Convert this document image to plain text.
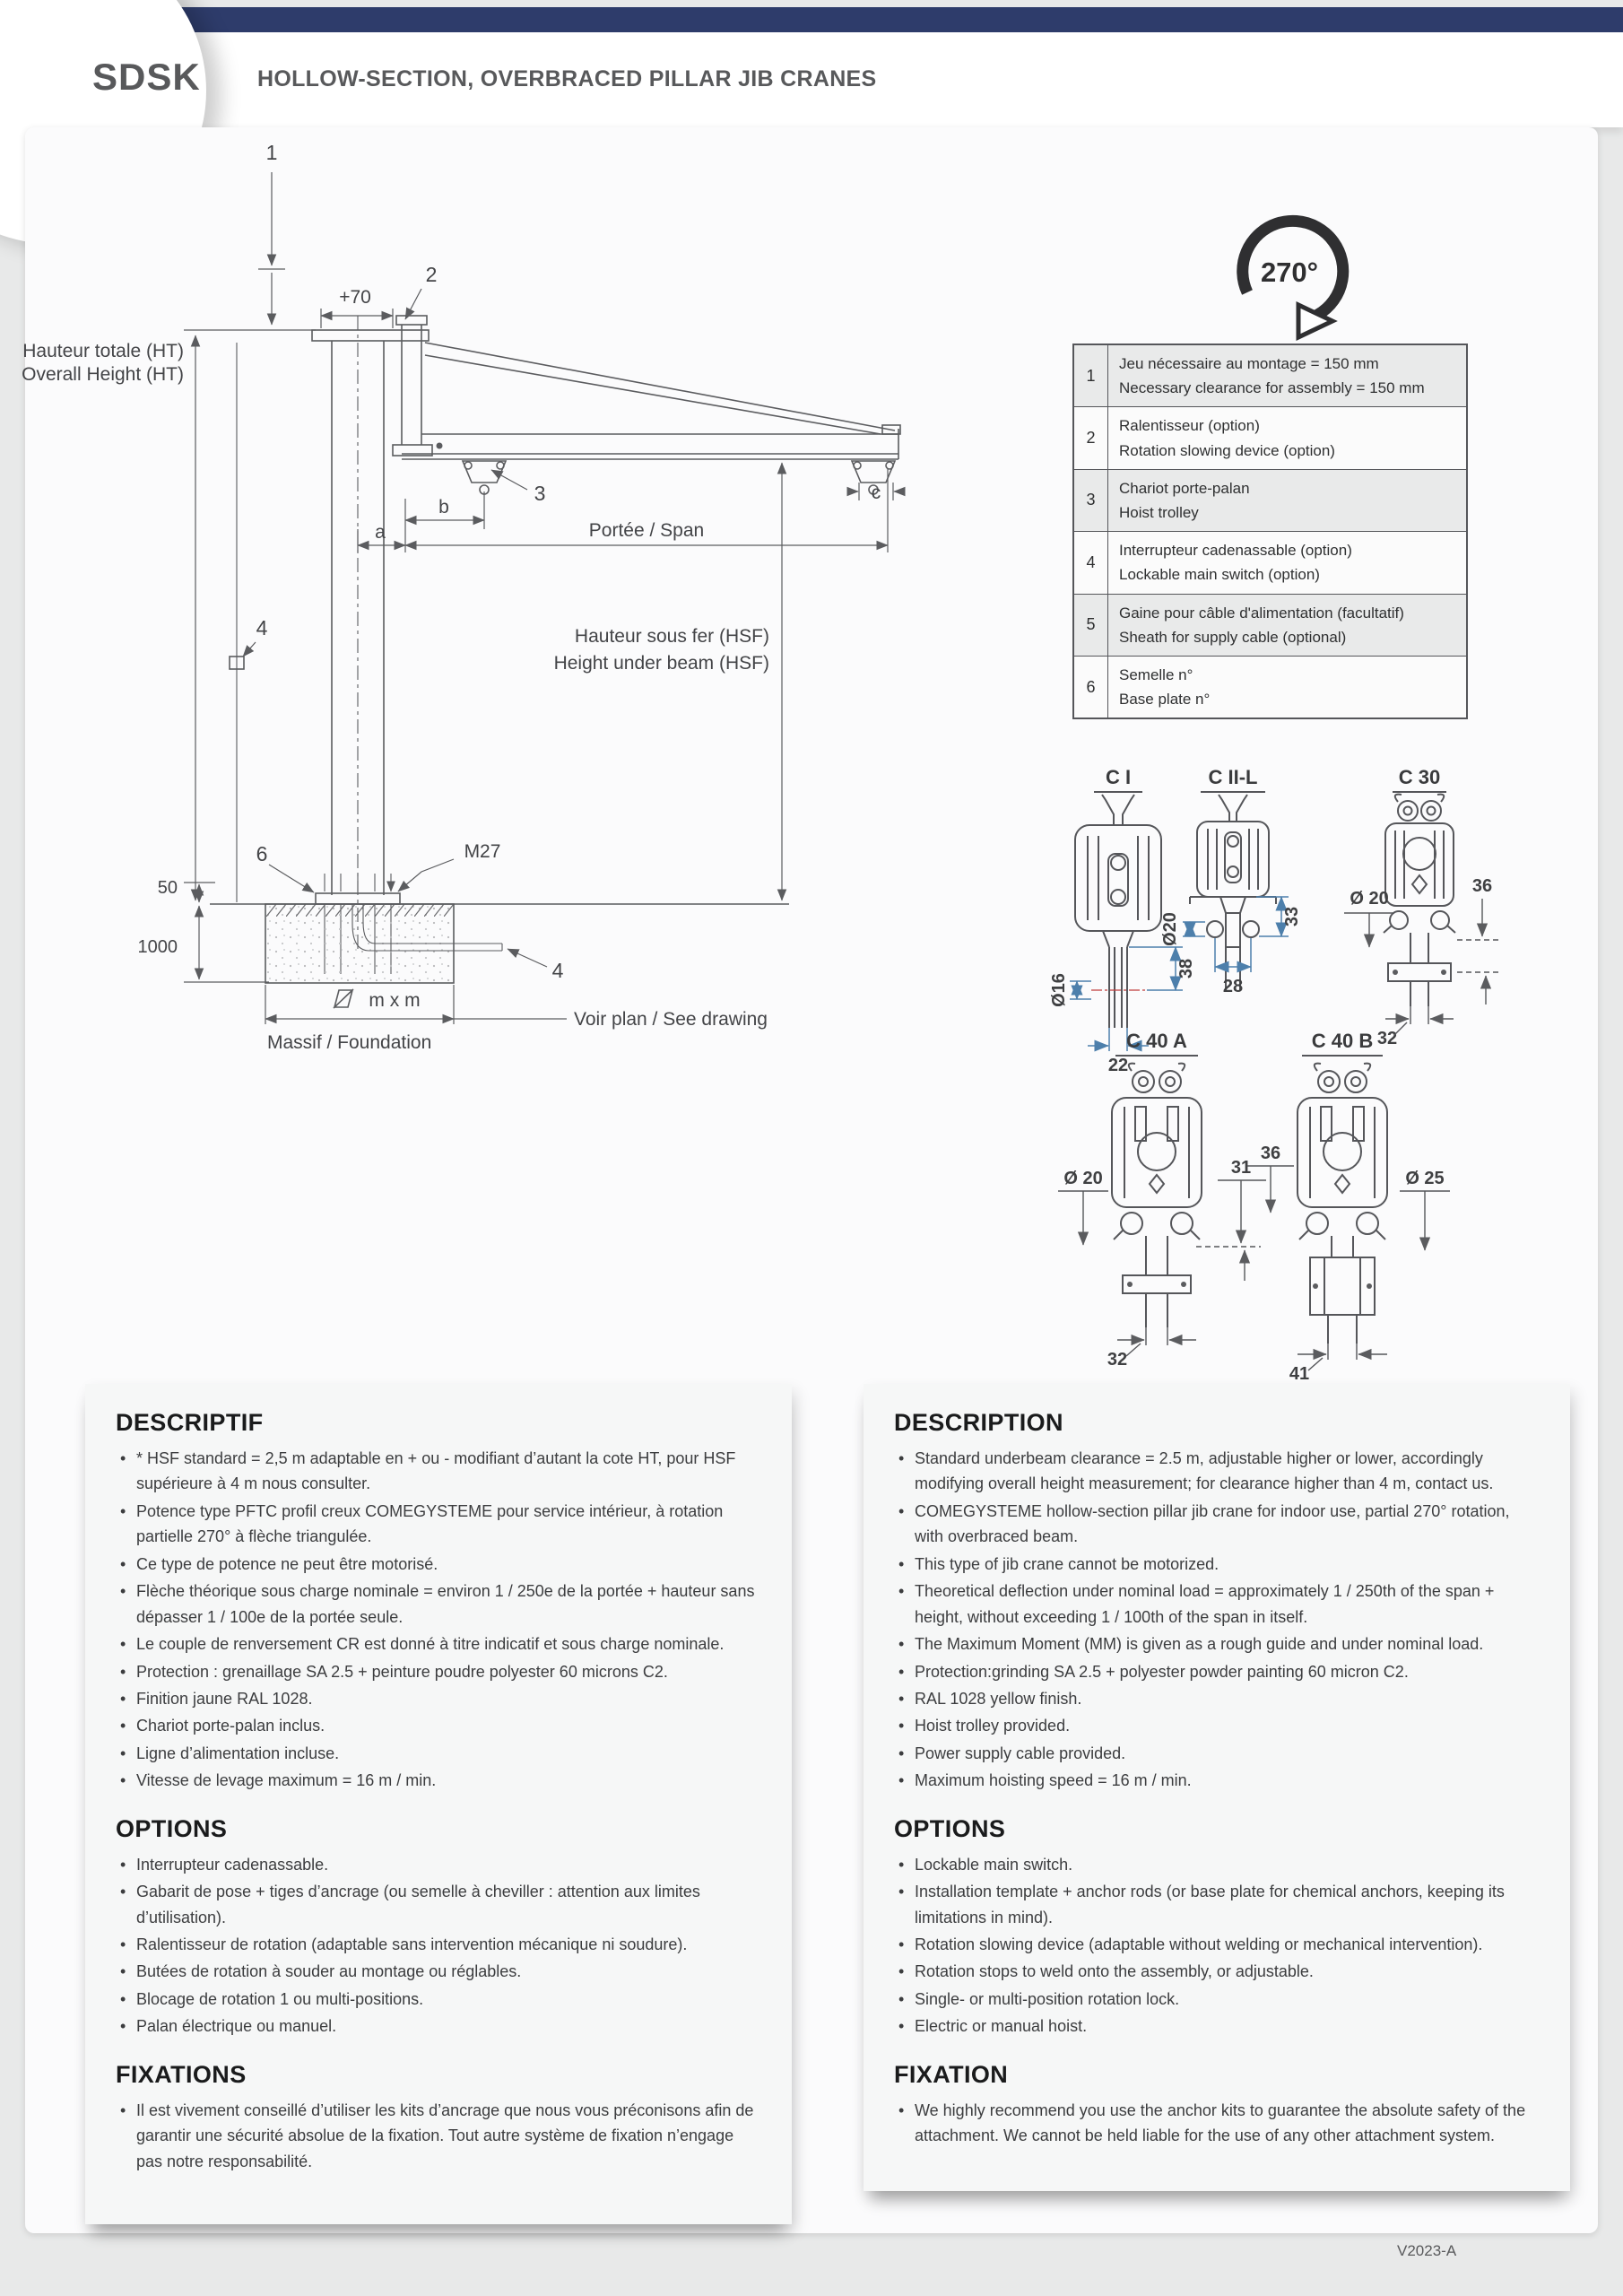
SDSK	HOLLOW-SECTION, OVERBRACED PILLAR JIB CRANES
1
2
+70
3
4
Hauteur totale (HT)
Overall Height (HT)
a
b
c
Portée / Span
Hauteur sous fer (HSF)
Height under beam (HSF)
6	M27
50
1000
4
m x m
Voir plan / See drawing
Massif / Foundation
270°
C I
38
Ø16
22
C II-L
Ø20	33
28
C 30
Ø 20
36
32
C 40 A
Ø 20
31
32
C 40 B
36
Ø 25
41
1
Jeu nécessaire au montage = 150 mm
Necessary clearance for assembly = 150 mm
2
Ralentisseur (option)
Rotation slowing device (option)
3
Chariot porte-palan
Hoist trolley
4
Interrupteur cadenassable (option)
Lockable main switch (option)
5
Gaine pour câble d'alimentation (facultatif)
Sheath for supply cable (optional)
6
Semelle n°
Base plate n°
DESCRIPTIF
• * HSF standard = 2,5 m adaptable en + ou - modifiant d’autant la cote HT, pour HSF supérieure à 4 m nous consulter.
• Potence type PFTC profil creux COMEGYSTEME pour service intérieur, à rotation partielle 270° à flèche triangulée.
• Ce type de potence ne peut être motorisé.
• Flèche théorique sous charge nominale = environ 1 / 250e de la portée + hauteur sans dépasser 1 / 100e de la portée seule.
• Le couple de renversement CR est donné à titre indicatif et sous charge nominale.
• Protection : grenaillage SA 2.5 + peinture poudre polyester 60 microns C2.
• Finition jaune RAL 1028.
• Chariot porte-palan inclus.
• Ligne d’alimentation incluse.
• Vitesse de levage maximum = 16 m / min.
OPTIONS
• Interrupteur cadenassable.
• Gabarit de pose + tiges d’ancrage (ou semelle à cheviller : attention aux limites d’utilisation).
• Ralentisseur de rotation (adaptable sans intervention mécanique ni soudure).
• Butées de rotation à souder au montage ou réglables.
• Blocage de rotation 1 ou multi-positions.
• Palan électrique ou manuel.
FIXATIONS
• Il est vivement conseillé d’utiliser les kits d’ancrage que nous vous préconisons afin de garantir une sécurité absolue de la fixation. Tout autre système de fixation n’engage pas notre responsabilité.
DESCRIPTION
• Standard underbeam clearance = 2.5 m, adjustable higher or lower, accordingly modifying overall height measurement; for clearance higher than 4 m, contact us.
• COMEGYSTEME hollow-section pillar jib crane for indoor use, partial 270° rotation, with overbraced beam.
• This type of jib crane cannot be motorized.
• Theoretical deflection under nominal load = approximately 1 / 250th of the span + height, without exceeding 1 / 100th of the span in itself.
• The Maximum Moment (MM) is given as a rough guide and under nominal load.
• Protection:grinding SA 2.5 + polyester powder painting 60 micron C2.
• RAL 1028 yellow finish.
• Hoist trolley provided.
• Power supply cable provided.
• Maximum hoisting speed = 16 m / min.
OPTIONS
• Lockable main switch.
• Installation template + anchor rods (or base plate for chemical anchors, keeping its limitations in mind).
• Rotation slowing device (adaptable without welding or mechanical intervention).
• Rotation stops to weld onto the assembly, or adjustable.
• Single- or multi-position rotation lock.
• Electric or manual hoist.
FIXATION
• We highly recommend you use the anchor kits to guarantee the absolute safety of the attachment. We cannot be held liable for the use of any other attachment system.
V2023-A
